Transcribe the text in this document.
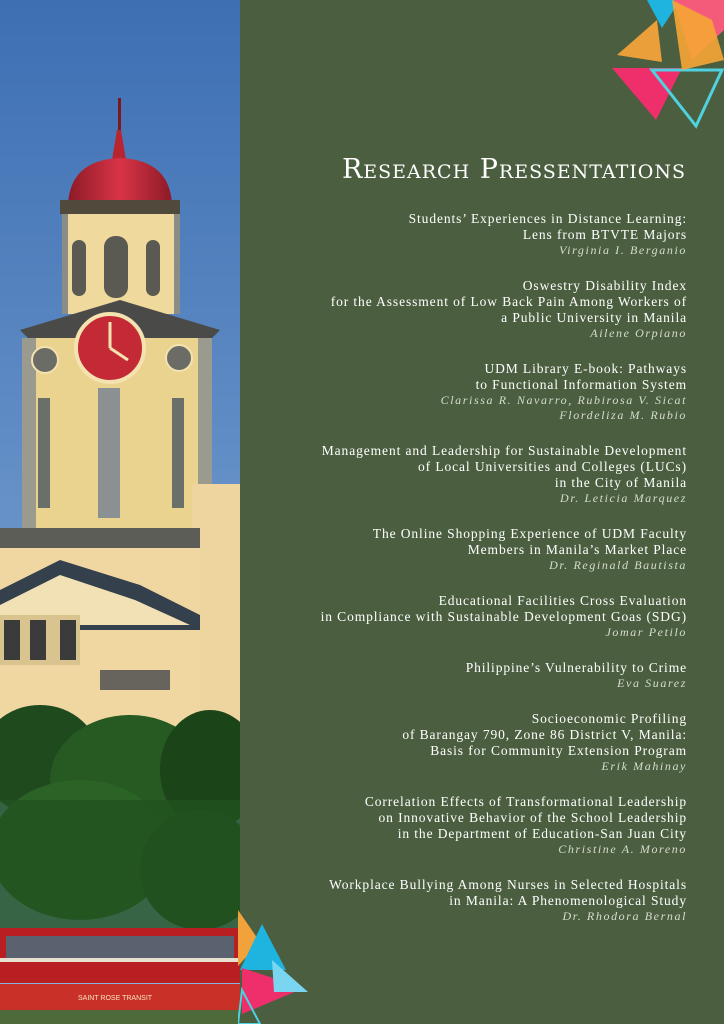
SAINT ROSE TRANSIT
Research Pressentations
Students’ Experiences in Distance Learning:
Lens from BTVTE Majors
Virginia I. Berganio
Oswestry Disability Index
for the Assessment of Low Back Pain Among Workers of
a Public University in Manila
Ailene Orpiano
UDM Library E-book: Pathways
to Functional Information System
Clarissa R. Navarro, Rubirosa V. Sicat
Flordeliza M. Rubio
Management and Leadership for Sustainable Development
of Local Universities and Colleges (LUCs)
in the City of Manila
Dr. Leticia Marquez
The Online Shopping Experience of UDM Faculty
Members in Manila’s Market Place
Dr. Reginald Bautista
Educational Facilities Cross Evaluation
in Compliance with Sustainable Development Goas (SDG)
Jomar Petilo
Philippine’s Vulnerability to Crime
Eva Suarez
Socioeconomic Profiling
of Barangay 790, Zone 86 District V, Manila:
Basis for Community Extension Program
Erik Mahinay
Correlation Effects of Transformational Leadership
on Innovative Behavior of the School Leadership
in the Department of Education-San Juan City
Christine A. Moreno
Workplace Bullying Among Nurses in Selected Hospitals
in Manila: A Phenomenological Study
Dr. Rhodora Bernal
